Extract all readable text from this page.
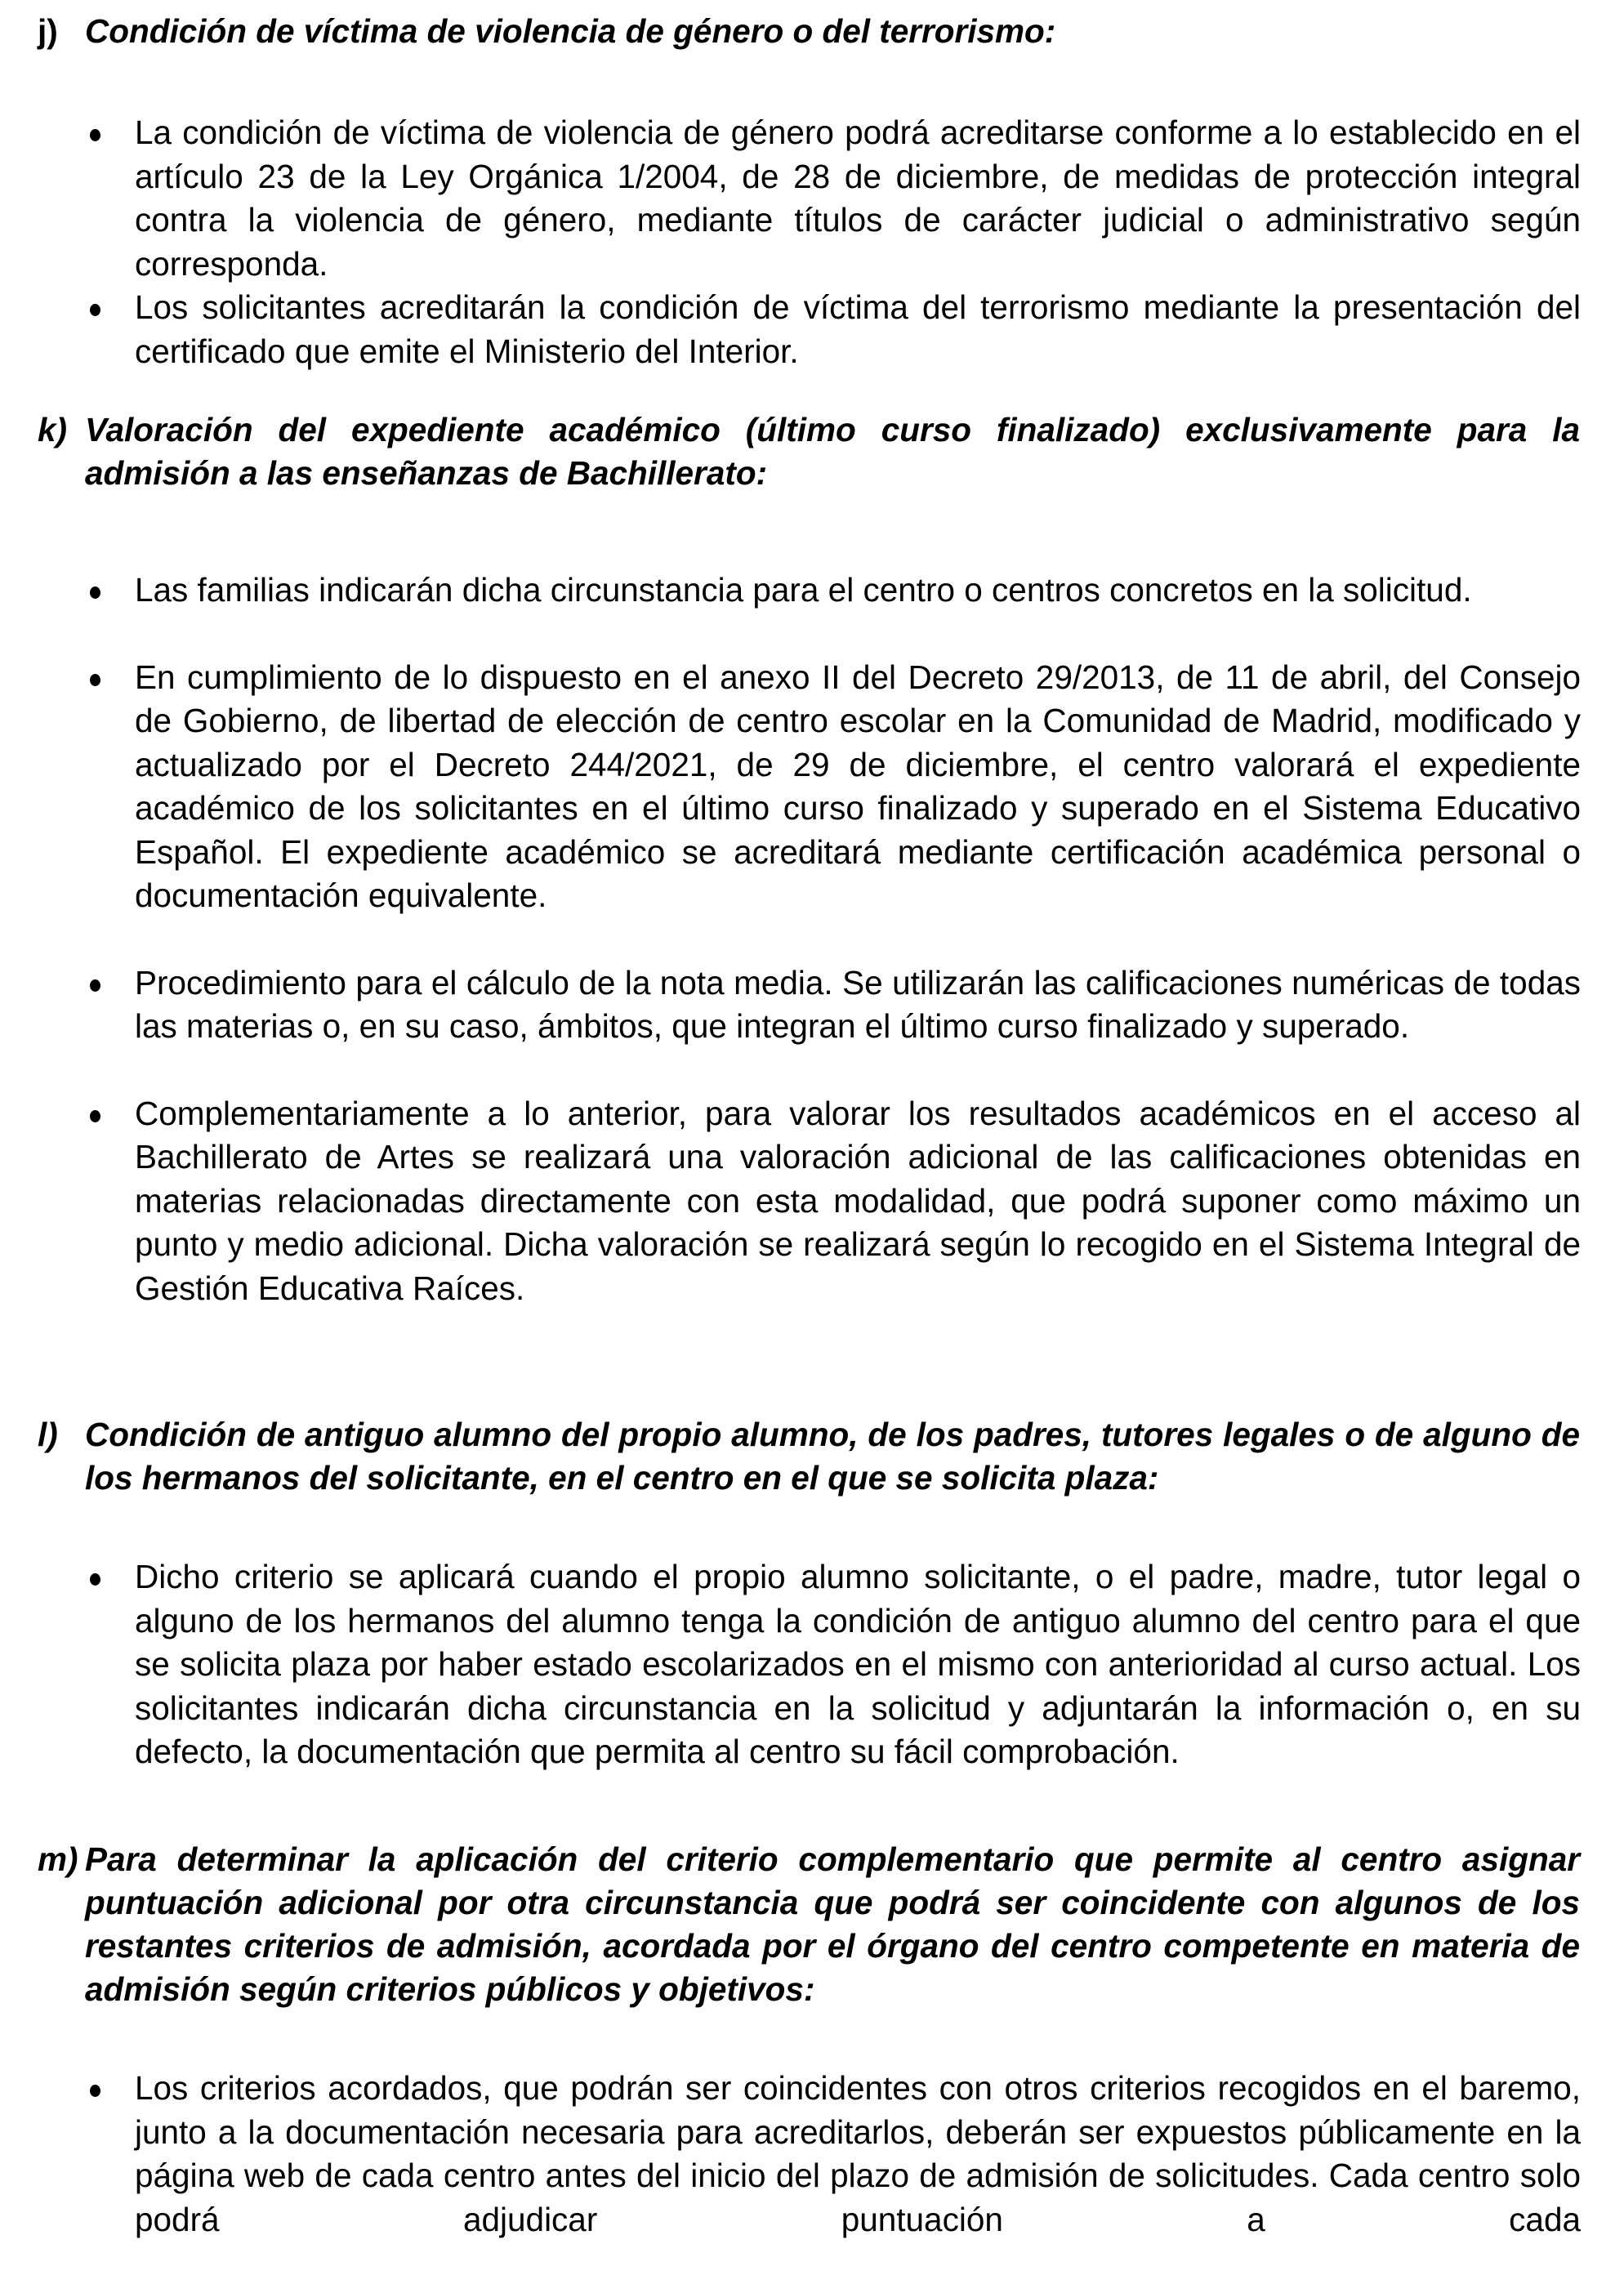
j) Condición de víctima de violencia de género o del terrorismo:
La condición de víctima de violencia de género podrá acreditarse conforme a lo establecido en el artículo 23 de la Ley Orgánica 1/2004, de 28 de diciembre, de medidas de protección integral contra la violencia de género, mediante títulos de carácter judicial o administrativo según corresponda.
Los solicitantes acreditarán la condición de víctima del terrorismo mediante la presentación del certificado que emite el Ministerio del Interior.
k) Valoración del expediente académico (último curso finalizado) exclusivamente para la admisión a las enseñanzas de Bachillerato:
Las familias indicarán dicha circunstancia para el centro o centros concretos en la solicitud.
En cumplimiento de lo dispuesto en el anexo II del Decreto 29/2013, de 11 de abril, del Consejo de Gobierno, de libertad de elección de centro escolar en la Comunidad de Madrid, modificado y actualizado por el Decreto 244/2021, de 29 de diciembre, el centro valorará el expediente académico de los solicitantes en el último curso finalizado y superado en el Sistema Educativo Español. El expediente académico se acreditará mediante certificación académica personal o documentación equivalente.
Procedimiento para el cálculo de la nota media. Se utilizarán las calificaciones numéricas de todas las materias o, en su caso, ámbitos, que integran el último curso finalizado y superado.
Complementariamente a lo anterior, para valorar los resultados académicos en el acceso al Bachillerato de Artes se realizará una valoración adicional de las calificaciones obtenidas en materias relacionadas directamente con esta modalidad, que podrá suponer como máximo un punto y medio adicional. Dicha valoración se realizará según lo recogido en el Sistema Integral de Gestión Educativa Raíces.
l) Condición de antiguo alumno del propio alumno, de los padres, tutores legales o de alguno de los hermanos del solicitante, en el centro en el que se solicita plaza:
Dicho criterio se aplicará cuando el propio alumno solicitante, o el padre, madre, tutor legal o alguno de los hermanos del alumno tenga la condición de antiguo alumno del centro para el que se solicita plaza por haber estado escolarizados en el mismo con anterioridad al curso actual. Los solicitantes indicarán dicha circunstancia en la solicitud y adjuntarán la información o, en su defecto, la documentación que permita al centro su fácil comprobación.
m) Para determinar la aplicación del criterio complementario que permite al centro asignar puntuación adicional por otra circunstancia que podrá ser coincidente con algunos de los restantes criterios de admisión, acordada por el órgano del centro competente en materia de admisión según criterios públicos y objetivos:
Los criterios acordados, que podrán ser coincidentes con otros criterios recogidos en el baremo, junto a la documentación necesaria para acreditarlos, deberán ser expuestos públicamente en la página web de cada centro antes del inicio del plazo de admisión de solicitudes. Cada centro solo podrá adjudicar puntuación a cada
